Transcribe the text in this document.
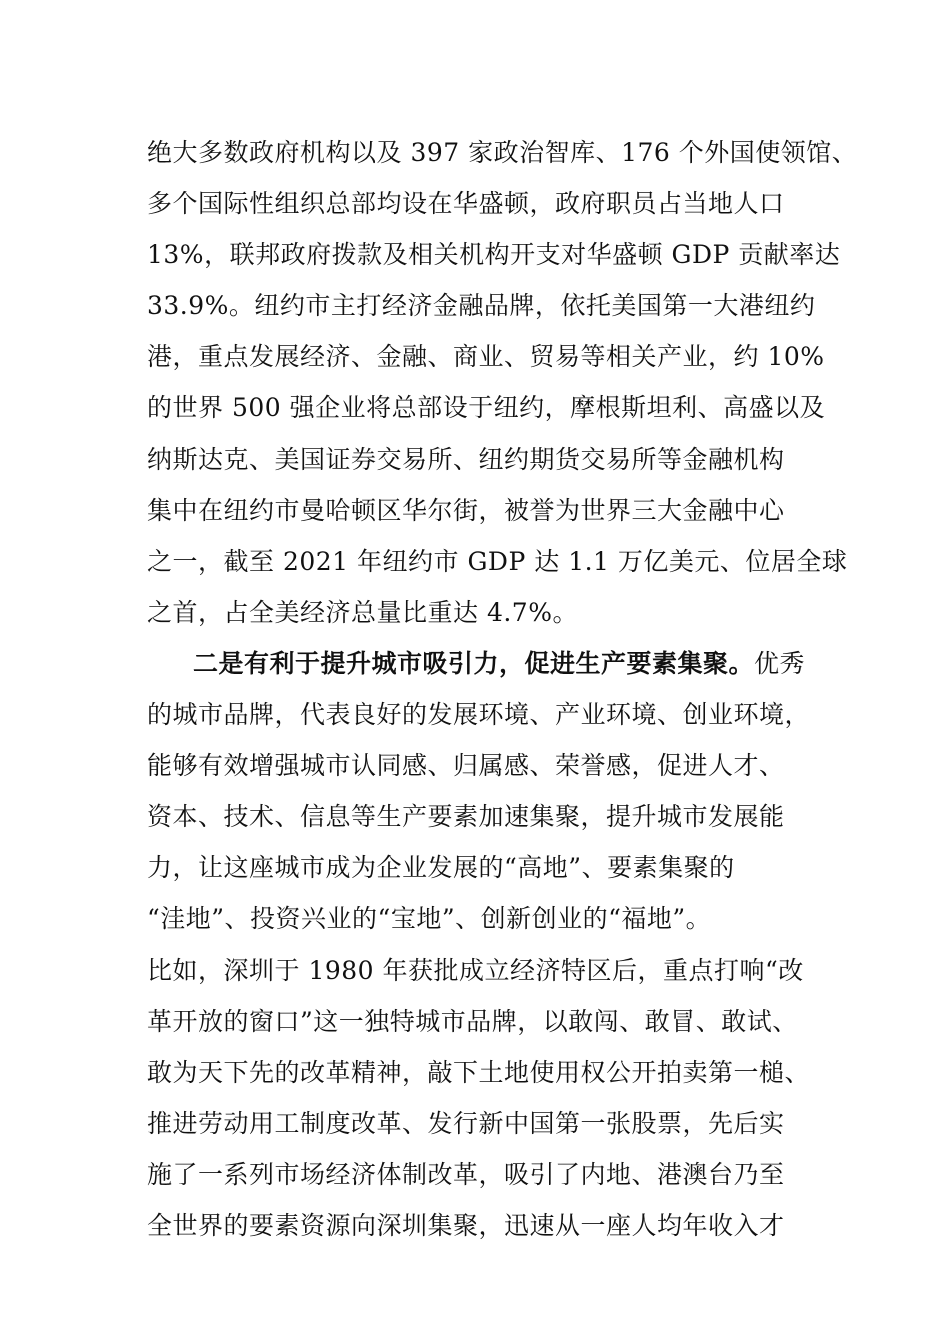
绝大多数政府机构以及 397 家政治智库、176 个外国使领馆、
多个国际性组织总部均设在华盛顿，政府职员占当地人口
13%，联邦政府拨款及相关机构开支对华盛顿 GDP 贡献率达
33.9%。纽约市主打经济金融品牌，依托美国第一大港纽约
港，重点发展经济、金融、商业、贸易等相关产业，约 10%
的世界 500 强企业将总部设于纽约，摩根斯坦利、高盛以及
纳斯达克、美国证券交易所、纽约期货交易所等金融机构
集中在纽约市曼哈顿区华尔街，被誉为世界三大金融中心
之一，截至 2021 年纽约市 GDP 达 1.1 万亿美元、位居全球
之首，占全美经济总量比重达 4.7%。
二是有利于提升城市吸引力，促进生产要素集聚。优秀
的城市品牌，代表良好的发展环境、产业环境、创业环境，
能够有效增强城市认同感、归属感、荣誉感，促进人才、
资本、技术、信息等生产要素加速集聚，提升城市发展能
力，让这座城市成为企业发展的“高地”、要素集聚的
“洼地”、投资兴业的“宝地”、创新创业的“福地”。
比如，深圳于 1980 年获批成立经济特区后，重点打响“改
革开放的窗口”这一独特城市品牌，以敢闯、敢冒、敢试、
敢为天下先的改革精神，敲下土地使用权公开拍卖第一槌、
推进劳动用工制度改革、发行新中国第一张股票，先后实
施了一系列市场经济体制改革，吸引了内地、港澳台乃至
全世界的要素资源向深圳集聚，迅速从一座人均年收入才
